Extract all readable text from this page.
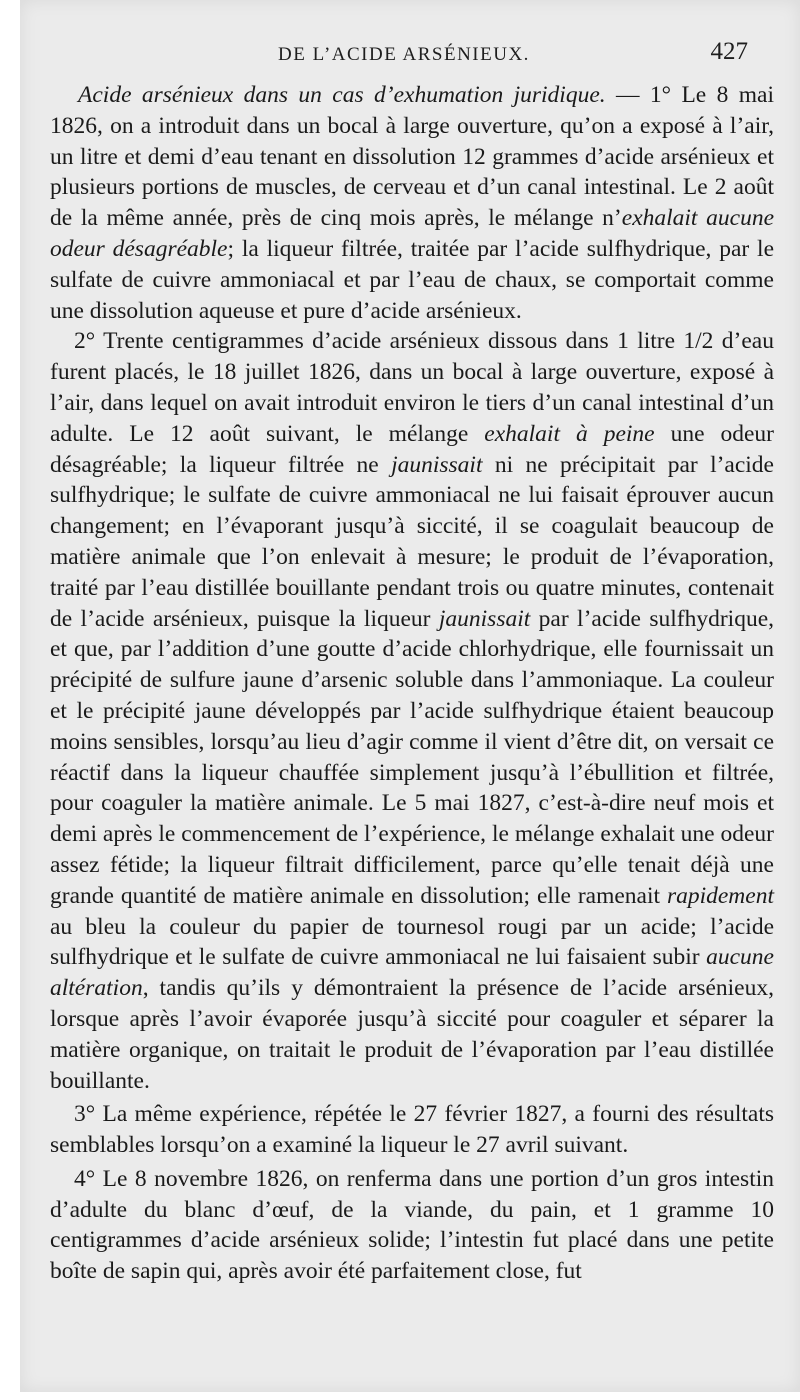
DE L’ACIDE ARSÉNIEUX.	427

Acide arsénieux dans un cas d’exhumation juridique. — 1° Le 8 mai 1826, on a introduit dans un bocal à large ouverture, qu’on a exposé à l’air, un litre et demi d’eau tenant en dissolution 12 grammes d’acide arsénieux et plusieurs portions de muscles, de cerveau et d’un canal intestinal. Le 2 août de la même année, près de cinq mois après, le mélange n’exhalait aucune odeur désagréable; la liqueur filtrée, traitée par l’acide sulfhydrique, par le sulfate de cuivre ammoniacal et par l’eau de chaux, se comportait comme une dissolution aqueuse et pure d’acide arsénieux.

2° Trente centigrammes d’acide arsénieux dissous dans 1 litre 1/2 d’eau furent placés, le 18 juillet 1826, dans un bocal à large ouverture, exposé à l’air, dans lequel on avait introduit environ le tiers d’un canal intestinal d’un adulte. Le 12 août suivant, le mélange exhalait à peine une odeur désagréable; la liqueur filtrée ne jaunissait ni ne précipitait par l’acide sulfhydrique; le sulfate de cuivre ammoniacal ne lui faisait éprouver aucun changement; en l’évaporant jusqu’à siccité, il se coagulait beaucoup de matière animale que l’on enlevait à mesure; le produit de l’évaporation, traité par l’eau distillée bouillante pendant trois ou quatre minutes, contenait de l’acide arsénieux, puisque la liqueur jaunissait par l’acide sulfhydrique, et que, par l’addition d’une goutte d’acide chlorhydrique, elle fournissait un précipité de sulfure jaune d’arsenic soluble dans l’ammoniaque. La couleur et le précipité jaune développés par l’acide sulfhydrique étaient beaucoup moins sensibles, lorsqu’au lieu d’agir comme il vient d’être dit, on versait ce réactif dans la liqueur chauffée simplement jusqu’à l’ébullition et filtrée, pour coaguler la matière animale. Le 5 mai 1827, c’est-à-dire neuf mois et demi après le commencement de l’expérience, le mélange exhalait une odeur assez fétide; la liqueur filtrait difficilement, parce qu’elle tenait déjà une grande quantité de matière animale en dissolution; elle ramenait rapidement au bleu la couleur du papier de tournesol rougi par un acide; l’acide sulfhydrique et le sulfate de cuivre ammoniacal ne lui faisaient subir aucune altération, tandis qu’ils y démontraient la présence de l’acide arsénieux, lorsque après l’avoir évaporée jusqu’à siccité pour coaguler et séparer la matière organique, on traitait le produit de l’évaporation par l’eau distillée bouillante.

3° La même expérience, répétée le 27 février 1827, a fourni des résultats semblables lorsqu’on a examiné la liqueur le 27 avril suivant.

4° Le 8 novembre 1826, on renferma dans une portion d’un gros intestin d’adulte du blanc d’œuf, de la viande, du pain, et 1 gramme 10 centigrammes d’acide arsénieux solide; l’intestin fut placé dans une petite boîte de sapin qui, après avoir été parfaitement close, fut
